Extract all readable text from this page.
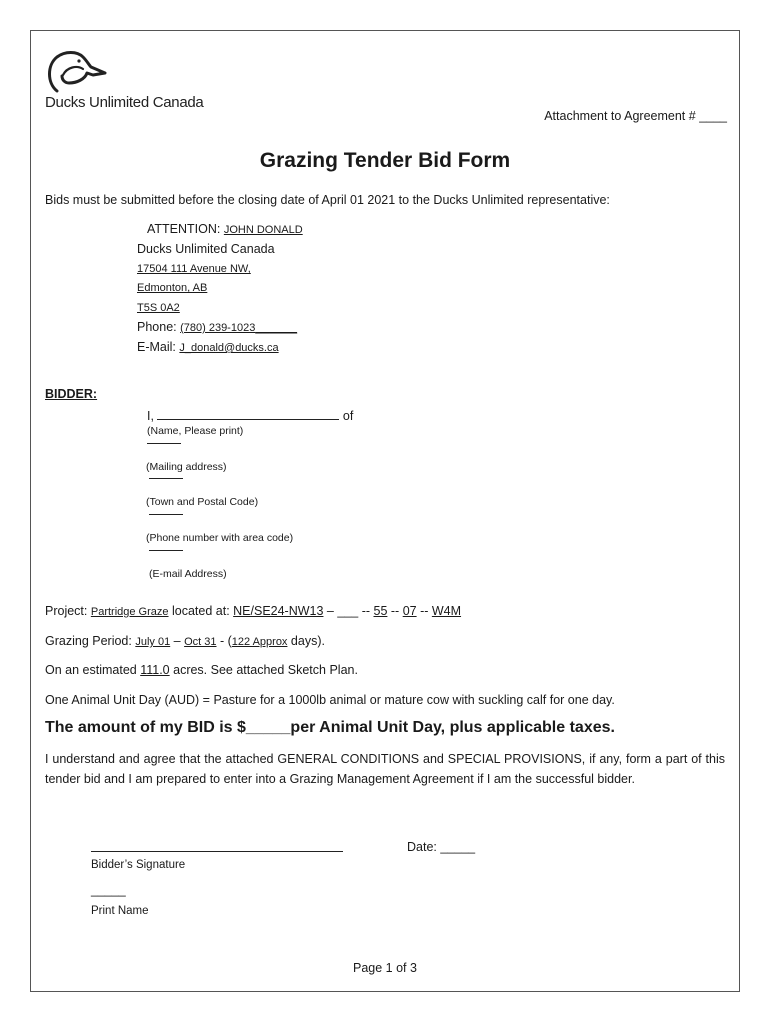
Ducks Unlimited Canada
Attachment to Agreement # ____
Grazing Tender Bid Form
Bids must be submitted before the closing date of April 01 2021 to the Ducks Unlimited representative:
ATTENTION: JOHN DONALD
Ducks Unlimited Canada
17504 111 Avenue NW,
Edmonton, AB
T5S 0A2
Phone: (780) 239-1023______
E-Mail: J_donald@ducks.ca
BIDDER:
I,	of
(Name, Please print)
(Mailing address)
(Town and Postal Code)
(Phone number with area code)
(E-mail Address)
Project: Partridge Graze located at: NE/SE24-NW13 – ___ -- 55 -- 07 -- W4M
Grazing Period: July 01 – Oct 31 - (122 Approx days).
On an estimated 111.0 acres. See attached Sketch Plan.
One Animal Unit Day (AUD) = Pasture for a 1000lb animal or mature cow with suckling calf for one day.
The amount of my BID is $_____per Animal Unit Day, plus applicable taxes.
I understand and agree that the attached GENERAL CONDITIONS and SPECIAL PROVISIONS, if any, form a part of this tender bid and I am prepared to enter into a Grazing Management Agreement if I am the successful bidder.
Date: _____
Bidder’s Signature
_____
Print Name
Page 1 of 3
